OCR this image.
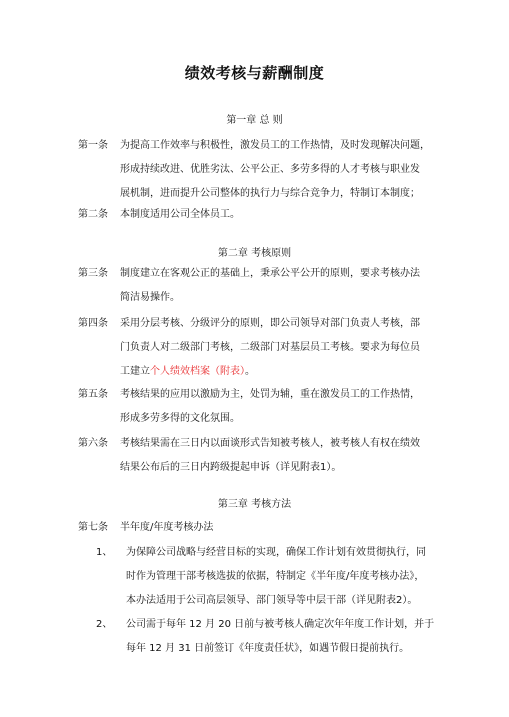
绩效考核与薪酬制度
第一章 总 则
第一条 为提高工作效率与积极性，激发员工的工作热情，及时发现解决问题，
形成持续改进、优胜劣汰、公平公正、多劳多得的人才考核与职业发
展机制，进而提升公司整体的执行力与综合竞争力，特制订本制度；
第二条 本制度适用公司全体员工。
第二章 考核原则
第三条 制度建立在客观公正的基础上，秉承公平公开的原则，要求考核办法
简洁易操作。
第四条 采用分层考核、分级评分的原则，即公司领导对部门负责人考核，部
门负责人对二级部门考核，二级部门对基层员工考核。要求为每位员
工建立个人绩效档案（附表）。
第五条 考核结果的应用以激励为主，处罚为辅，重在激发员工的工作热情，
形成多劳多得的文化氛围。
第六条 考核结果需在三日内以面谈形式告知被考核人，被考核人有权在绩效
结果公布后的三日内跨级提起申诉（详见附表1）。
第三章 考核方法
第七条 半年度/年度考核办法
1、 为保障公司战略与经营目标的实现，确保工作计划有效贯彻执行，同
时作为管理干部考核选拔的依据，特制定《半年度/年度考核办法》，
本办法适用于公司高层领导、部门领导等中层干部（详见附表2）。
2、 公司需于每年 12 月 20 日前与被考核人确定次年年度工作计划，并于
每年 12 月 31 日前签订《年度责任状》，如遇节假日提前执行。
